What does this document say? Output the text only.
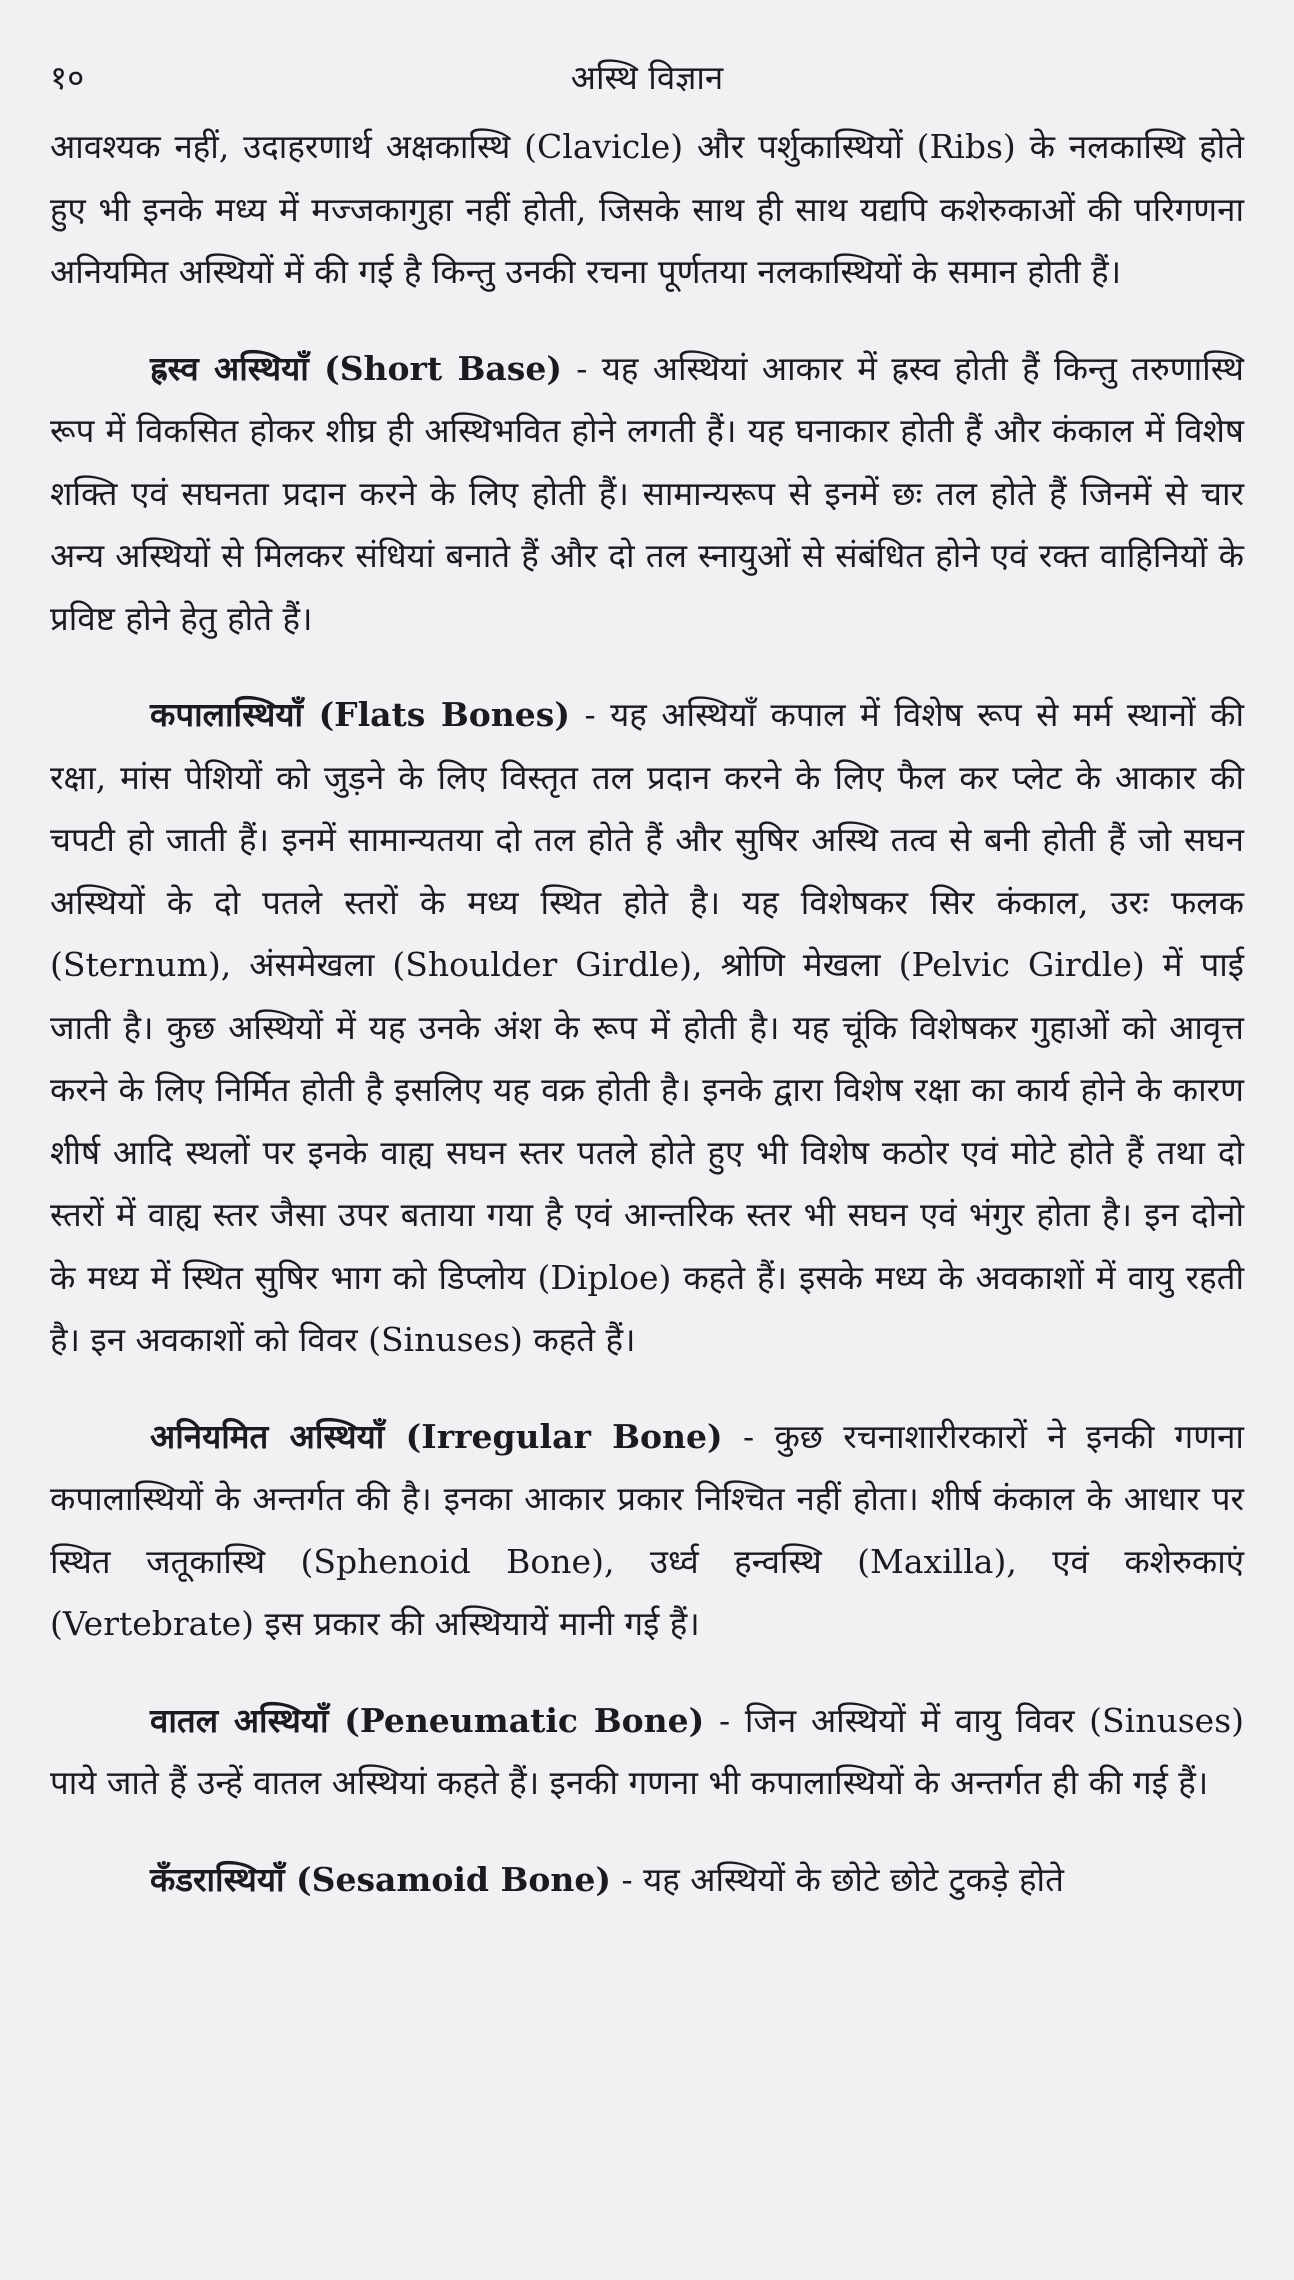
१०	अस्थि विज्ञान

आवश्यक नहीं, उदाहरणार्थ अक्षकास्थि (Clavicle) और पर्शुकास्थियों (Ribs) के नलकास्थि होते हुए भी इनके मध्य में मज्जकागुहा नहीं होती, जिसके साथ ही साथ यद्यपि कशेरुकाओं की परिगणना अनियमित अस्थियों में की गई है किन्तु उनकी रचना पूर्णतया नलकास्थियों के समान होती हैं।

ह्रस्व अस्थियाँ (Short Base) - यह अस्थियां आकार में ह्रस्व होती हैं किन्तु तरुणास्थि रूप में विकसित होकर शीघ्र ही अस्थिभवित होने लगती हैं। यह घनाकार होती हैं और कंकाल में विशेष शक्ति एवं सघनता प्रदान करने के लिए होती हैं। सामान्यरूप से इनमें छः तल होते हैं जिनमें से चार अन्य अस्थियों से मिलकर संधियां बनाते हैं और दो तल स्नायुओं से संबंधित होने एवं रक्त वाहिनियों के प्रविष्ट होने हेतु होते हैं।

कपालास्थियाँ (Flats Bones) - यह अस्थियाँ कपाल में विशेष रूप से मर्म स्थानों की रक्षा, मांस पेशियों को जुड़ने के लिए विस्तृत तल प्रदान करने के लिए फैल कर प्लेट के आकार की चपटी हो जाती हैं। इनमें सामान्यतया दो तल होते हैं और सुषिर अस्थि तत्व से बनी होती हैं जो सघन अस्थियों के दो पतले स्तरों के मध्य स्थित होते है। यह विशेषकर सिर कंकाल, उरः फलक (Sternum), अंसमेखला (Shoulder Girdle), श्रोणि मेखला (Pelvic Girdle) में पाई जाती है। कुछ अस्थियों में यह उनके अंश के रूप में होती है। यह चूंकि विशेषकर गुहाओं को आवृत्त करने के लिए निर्मित होती है इसलिए यह वक्र होती है। इनके द्वारा विशेष रक्षा का कार्य होने के कारण शीर्ष आदि स्थलों पर इनके वाह्य सघन स्तर पतले होते हुए भी विशेष कठोर एवं मोटे होते हैं तथा दो स्तरों में वाह्य स्तर जैसा उपर बताया गया है एवं आन्तरिक स्तर भी सघन एवं भंगुर होता है। इन दोनो के मध्य में स्थित सुषिर भाग को डिप्लोय (Diploe) कहते हैं। इसके मध्य के अवकाशों में वायु रहती है। इन अवकाशों को विवर (Sinuses) कहते हैं।

अनियमित अस्थियाँ (Irregular Bone) - कुछ रचनाशारीरकारों ने इनकी गणना कपालास्थियों के अन्तर्गत की है। इनका आकार प्रकार निश्चित नहीं होता। शीर्ष कंकाल के आधार पर स्थित जतूकास्थि (Sphenoid Bone), उर्ध्व हन्वस्थि (Maxilla), एवं कशेरुकाएं (Vertebrate) इस प्रकार की अस्थियायें मानी गई हैं।

वातल अस्थियाँ (Peneumatic Bone) - जिन अस्थियों में वायु विवर (Sinuses) पाये जाते हैं उन्हें वातल अस्थियां कहते हैं। इनकी गणना भी कपालास्थियों के अन्तर्गत ही की गई हैं।

कँडरास्थियाँ (Sesamoid Bone) - यह अस्थियों के छोटे छोटे टुकड़े होते
